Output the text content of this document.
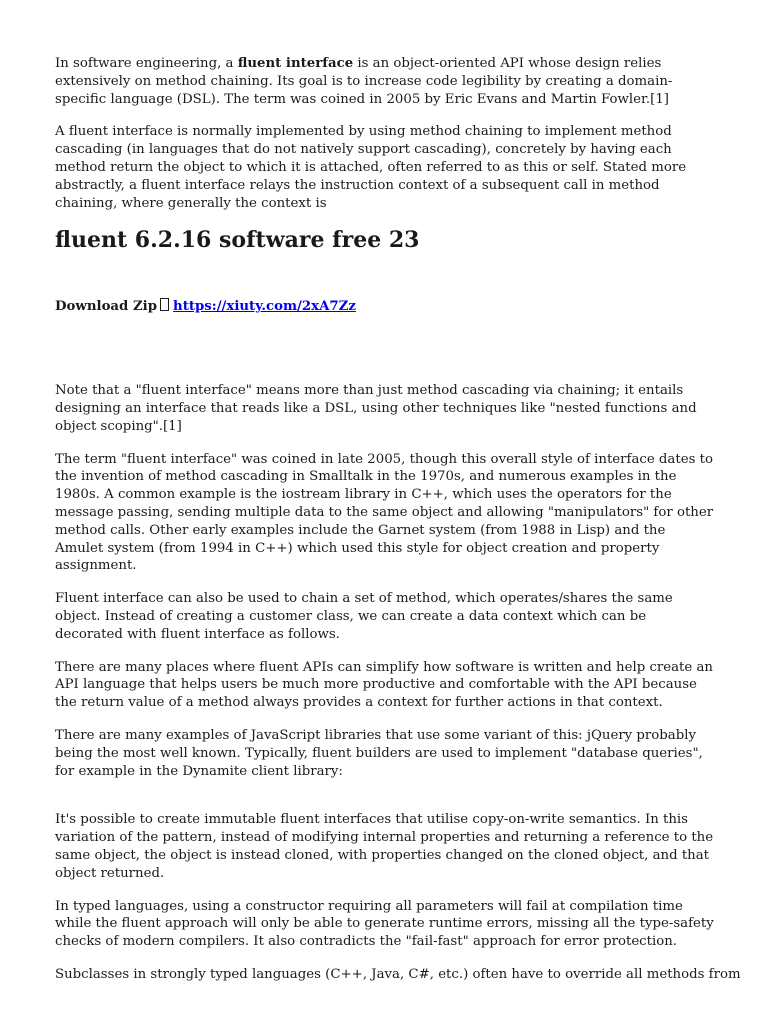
In software engineering, a fluent interface is an object-oriented API whose design relies extensively on method chaining. Its goal is to increase code legibility by creating a domain-specific language (DSL). The term was coined in 2005 by Eric Evans and Martin Fowler.[1]

A fluent interface is normally implemented by using method chaining to implement method cascading (in languages that do not natively support cascading), concretely by having each method return the object to which it is attached, often referred to as this or self. Stated more abstractly, a fluent interface relays the instruction context of a subsequent call in method chaining, where generally the context is

fluent 6.2.16 software free 23
Download Zip https://xiuty.com/2xA7Zz

Note that a "fluent interface" means more than just method cascading via chaining; it entails designing an interface that reads like a DSL, using other techniques like "nested functions and object scoping".[1]

The term "fluent interface" was coined in late 2005, though this overall style of interface dates to the invention of method cascading in Smalltalk in the 1970s, and numerous examples in the 1980s. A common example is the iostream library in C++, which uses the operators for the message passing, sending multiple data to the same object and allowing "manipulators" for other method calls. Other early examples include the Garnet system (from 1988 in Lisp) and the Amulet system (from 1994 in C++) which used this style for object creation and property assignment.

Fluent interface can also be used to chain a set of method, which operates/shares the same object. Instead of creating a customer class, we can create a data context which can be decorated with fluent interface as follows.

There are many places where fluent APIs can simplify how software is written and help create an API language that helps users be much more productive and comfortable with the API because the return value of a method always provides a context for further actions in that context.

There are many examples of JavaScript libraries that use some variant of this: jQuery probably being the most well known. Typically, fluent builders are used to implement "database queries", for example in the Dynamite client library:

It's possible to create immutable fluent interfaces that utilise copy-on-write semantics. In this variation of the pattern, instead of modifying internal properties and returning a reference to the same object, the object is instead cloned, with properties changed on the cloned object, and that object returned.

In typed languages, using a constructor requiring all parameters will fail at compilation time while the fluent approach will only be able to generate runtime errors, missing all the type-safety checks of modern compilers. It also contradicts the "fail-fast" approach for error protection.

Subclasses in strongly typed languages (C++, Java, C#, etc.) often have to override all methods from
